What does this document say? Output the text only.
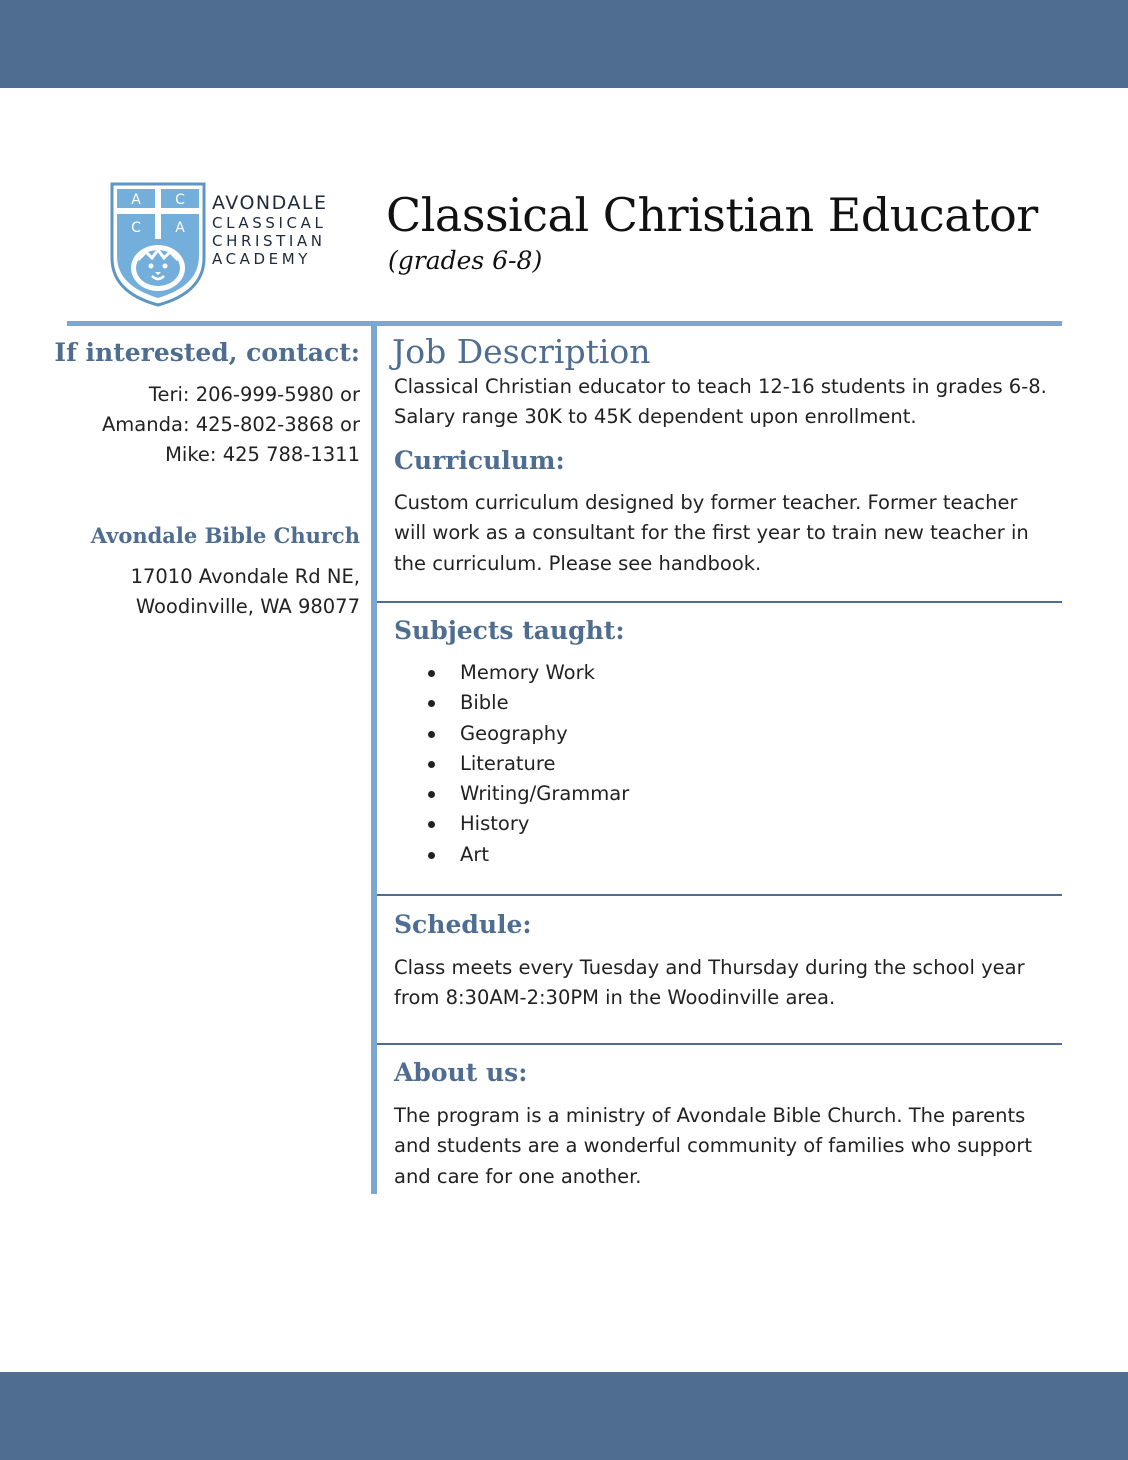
A C
C A
AVONDALE
CLASSICAL
CHRISTIAN
ACADEMY
Classical Christian Educator
(grades 6-8)
If interested, contact:
Teri: 206-999-5980 or
Amanda: 425-802-3868 or
Mike: 425 788-1311
Avondale Bible Church
17010 Avondale Rd NE,
Woodinville, WA 98077
Job Description
Classical Christian educator to teach 12-16 students in grades 6-8.
Salary range 30K to 45K dependent upon enrollment.
Curriculum:
Custom curriculum designed by former teacher. Former teacher
will work as a consultant for the first year to train new teacher in
the curriculum. Please see handbook.
Subjects taught:
Memory Work
Bible
Geography
Literature
Writing/Grammar
History
Art
Schedule:
Class meets every Tuesday and Thursday during the school year
from 8:30AM-2:30PM in the Woodinville area.
About us:
The program is a ministry of Avondale Bible Church. The parents
and students are a wonderful community of families who support
and care for one another.
